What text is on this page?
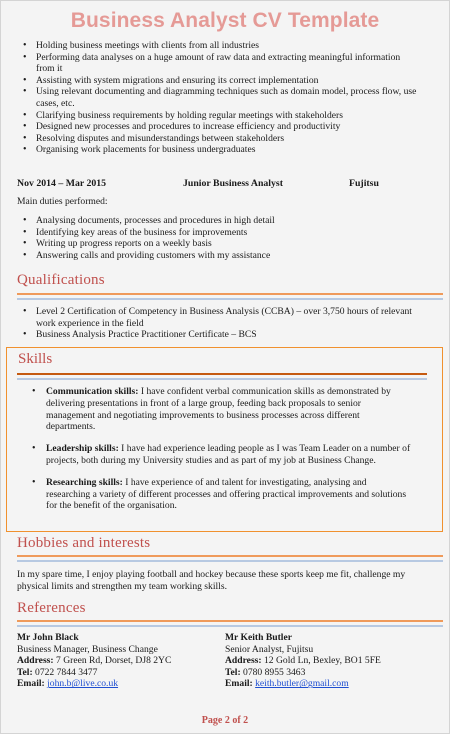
Business Analyst CV Template
• Holding business meetings with clients from all industries
• Performing data analyses on a huge amount of raw data and extracting meaningful information from it
• Assisting with system migrations and ensuring its correct implementation
• Using relevant documenting and diagramming techniques such as domain model, process flow, use cases, etc.
• Clarifying business requirements by holding regular meetings with stakeholders
• Designed new processes and procedures to increase efficiency and productivity
• Resolving disputes and misunderstandings between stakeholders
• Organising work placements for business undergraduates
Nov 2014 – Mar 2015	Junior Business Analyst	Fujitsu
Main duties performed:
• Analysing documents, processes and procedures in high detail
• Identifying key areas of the business for improvements
• Writing up progress reports on a weekly basis
• Answering calls and providing customers with my assistance
Qualifications
• Level 2 Certification of Competency in Business Analysis (CCBA) – over 3,750 hours of relevant work experience in the field
• Business Analysis Practice Practitioner Certificate – BCS
Skills
• Communication skills: I have confident verbal communication skills as demonstrated by delivering presentations in front of a large group, feeding back proposals to senior management and negotiating improvements to business processes across different departments.
• Leadership skills: I have had experience leading people as I was Team Leader on a number of projects, both during my University studies and as part of my job at Business Change.
• Researching skills: I have experience of and talent for investigating, analysing and researching a variety of different processes and offering practical improvements and solutions for the benefit of the organisation.
Hobbies and interests
In my spare time, I enjoy playing football and hockey because these sports keep me fit, challenge my physical limits and strengthen my team working skills.
References
Mr John Black
Business Manager, Business Change
Address: 7 Green Rd, Dorset, DJ8 2YC
Tel: 0722 7844 3477
Email: john.b@live.co.uk
Mr Keith Butler
Senior Analyst, Fujitsu
Address: 12 Gold Ln, Bexley, BO1 5FE
Tel: 0780 8955 3463
Email: keith.butler@gmail.com
Page 2 of 2
